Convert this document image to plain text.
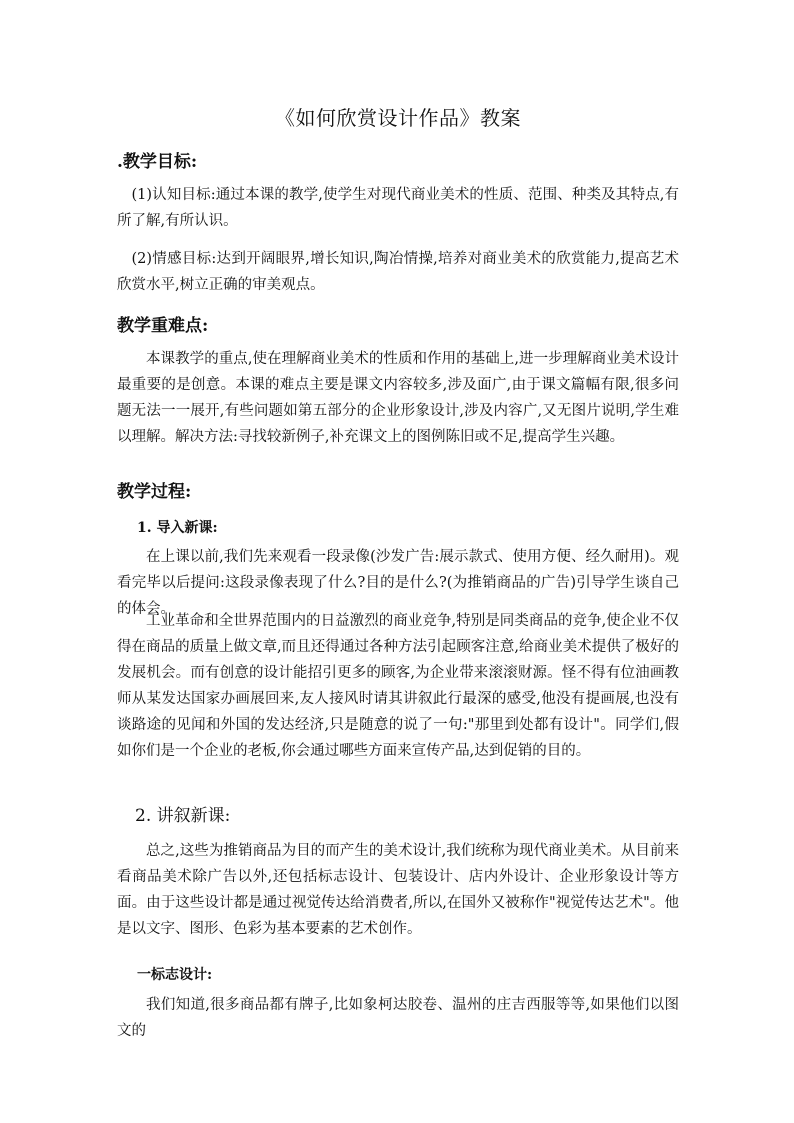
《如何欣赏设计作品》教案
.教学目标:

(1)认知目标:通过本课的教学,使学生对现代商业美术的性质、范围、种类及其特点,有所了解,有所认识。

(2)情感目标:达到开阔眼界,增长知识,陶冶情操,培养对商业美术的欣赏能力,提高艺术欣赏水平,树立正确的审美观点。

教学重难点:

本课教学的重点,使在理解商业美术的性质和作用的基础上,进一步理解商业美术设计最重要的是创意。本课的难点主要是课文内容较多,涉及面广,由于课文篇幅有限,很多问题无法一一展开,有些问题如第五部分的企业形象设计,涉及内容广,又无图片说明,学生难以理解。解决方法:寻找较新例子,补充课文上的图例陈旧或不足,提高学生兴趣。

教学过程:
1. 导入新课:

在上课以前,我们先来观看一段录像(沙发广告:展示款式、使用方便、经久耐用)。观看完毕以后提问:这段录像表现了什么?目的是什么?(为推销商品的广告)引导学生谈自己的体会。

工业革命和全世界范围内的日益激烈的商业竞争,特别是同类商品的竞争,使企业不仅得在商品的质量上做文章,而且还得通过各种方法引起顾客注意,给商业美术提供了极好的发展机会。而有创意的设计能招引更多的顾客,为企业带来滚滚财源。怪不得有位油画教师从某发达国家办画展回来,友人接风时请其讲叙此行最深的感受,他没有提画展,也没有谈路途的见闻和外国的发达经济,只是随意的说了一句:"那里到处都有设计"。同学们,假如你们是一个企业的老板,你会通过哪些方面来宣传产品,达到促销的目的。

2. 讲叙新课:

总之,这些为推销商品为目的而产生的美术设计,我们统称为现代商业美术。从目前来看商品美术除广告以外,还包括标志设计、包装设计、店内外设计、企业形象设计等方面。由于这些设计都是通过视觉传达给消费者,所以,在国外又被称作"视觉传达艺术"。他是以文字、图形、色彩为基本要素的艺术创作。

一标志设计:

我们知道,很多商品都有牌子,比如象柯达胶卷、温州的庄吉西服等等,如果他们以图文的
